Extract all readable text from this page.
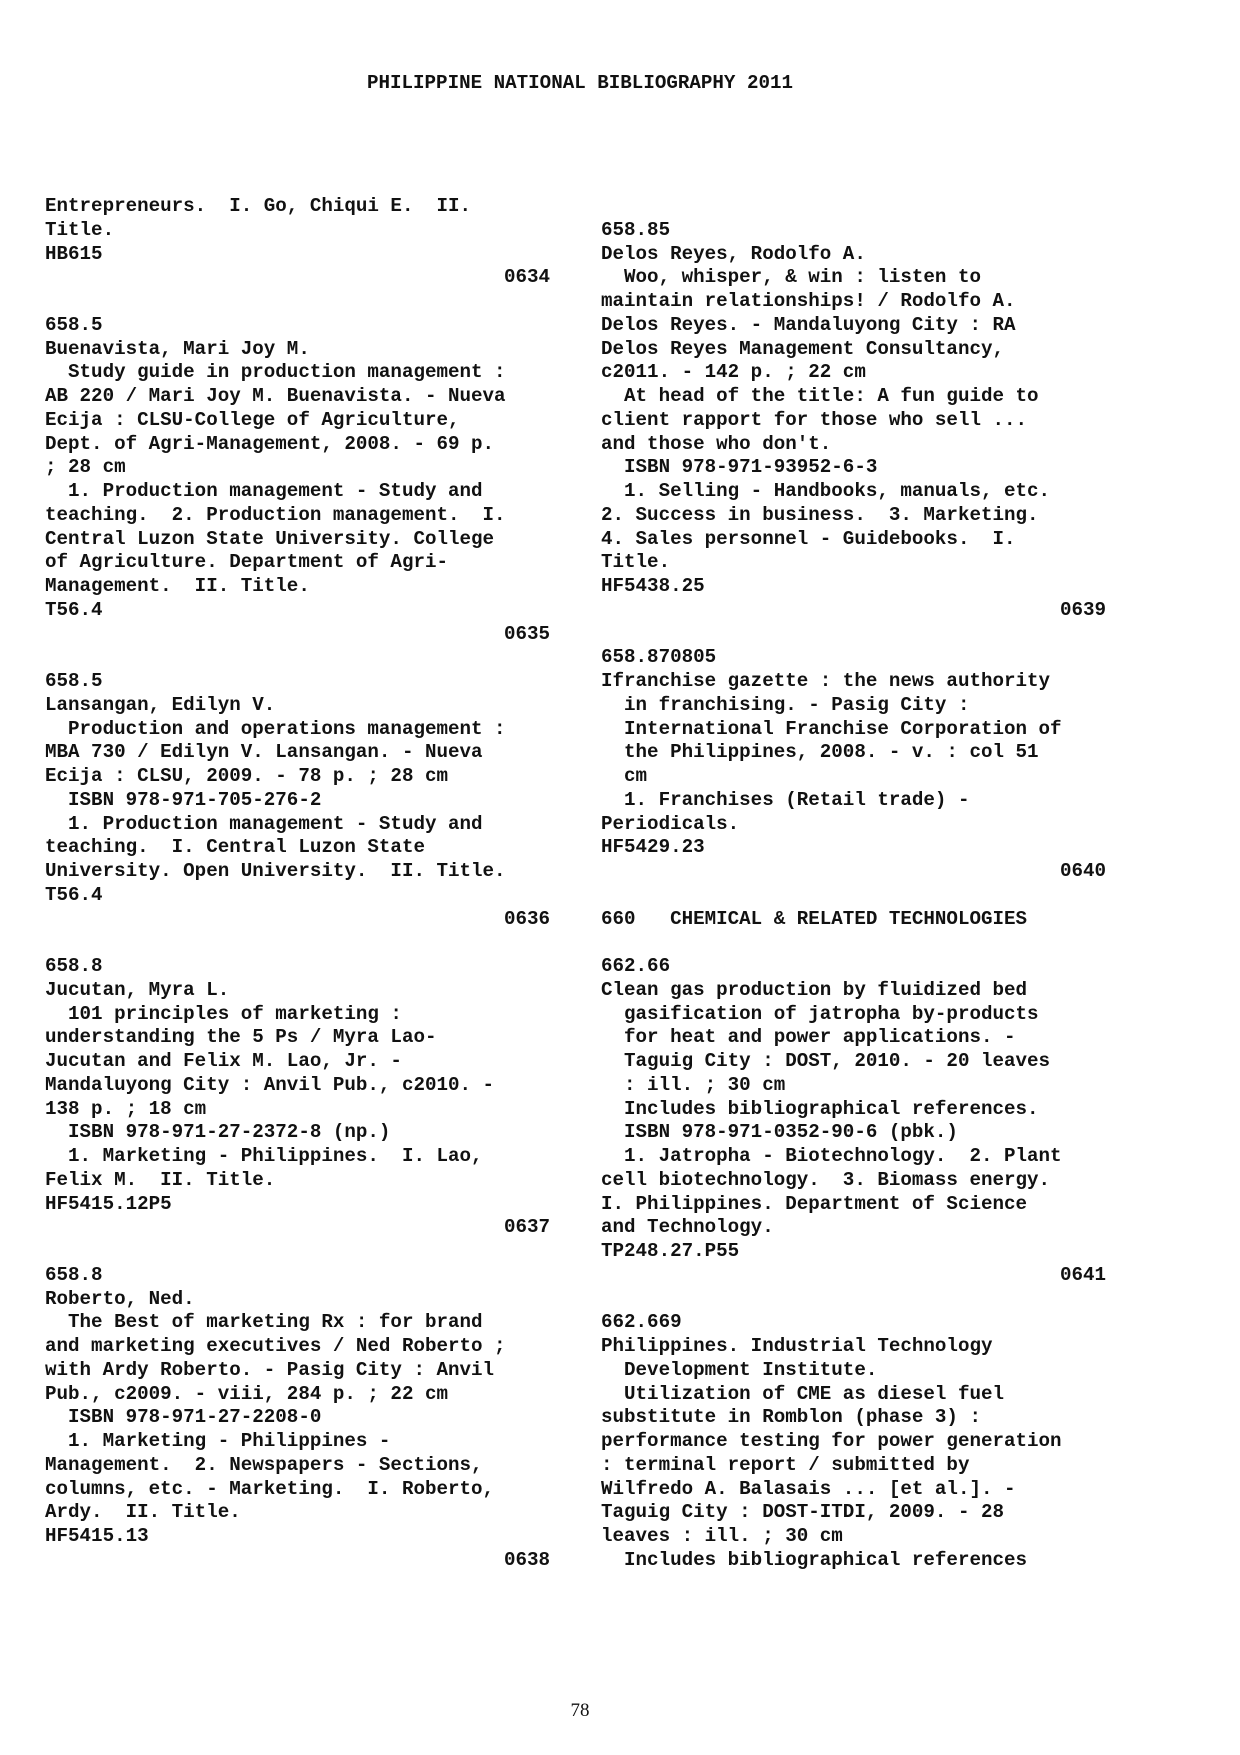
PHILIPPINE NATIONAL BIBLIOGRAPHY 2011
Entrepreneurs.  I. Go, Chiqui E.  II.
Title.
HB615
0634
658.5
Buenavista, Mari Joy M.
Study guide in production management :
AB 220 / Mari Joy M. Buenavista. - Nueva
Ecija : CLSU-College of Agriculture,
Dept. of Agri-Management, 2008. - 69 p.
; 28 cm
1. Production management - Study and
teaching.  2. Production management.  I.
Central Luzon State University. College
of Agriculture. Department of Agri-
Management.  II. Title.
T56.4
0635
658.5
Lansangan, Edilyn V.
Production and operations management :
MBA 730 / Edilyn V. Lansangan. - Nueva
Ecija : CLSU, 2009. - 78 p. ; 28 cm
ISBN 978-971-705-276-2
1. Production management - Study and
teaching.  I. Central Luzon State
University. Open University.  II. Title.
T56.4
0636
658.8
Jucutan, Myra L.
101 principles of marketing :
understanding the 5 Ps / Myra Lao-
Jucutan and Felix M. Lao, Jr. -
Mandaluyong City : Anvil Pub., c2010. -
138 p. ; 18 cm
ISBN 978-971-27-2372-8 (np.)
1. Marketing - Philippines.  I. Lao,
Felix M.  II. Title.
HF5415.12P5
0637
658.8
Roberto, Ned.
The Best of marketing Rx : for brand
and marketing executives / Ned Roberto ;
with Ardy Roberto. - Pasig City : Anvil
Pub., c2009. - viii, 284 p. ; 22 cm
ISBN 978-971-27-2208-0
1. Marketing - Philippines -
Management.  2. Newspapers - Sections,
columns, etc. - Marketing.  I. Roberto,
Ardy.  II. Title.
HF5415.13
0638
658.85
Delos Reyes, Rodolfo A.
Woo, whisper, & win : listen to
maintain relationships! / Rodolfo A.
Delos Reyes. - Mandaluyong City : RA
Delos Reyes Management Consultancy,
c2011. - 142 p. ; 22 cm
At head of the title: A fun guide to
client rapport for those who sell ...
and those who don't.
ISBN 978-971-93952-6-3
1. Selling - Handbooks, manuals, etc.
2. Success in business.  3. Marketing.
4. Sales personnel - Guidebooks.  I.
Title.
HF5438.25
0639
658.870805
Ifranchise gazette : the news authority
in franchising. - Pasig City :
International Franchise Corporation of
the Philippines, 2008. - v. : col 51
cm
1. Franchises (Retail trade) -
Periodicals.
HF5429.23
0640
660   CHEMICAL & RELATED TECHNOLOGIES
662.66
Clean gas production by fluidized bed
gasification of jatropha by-products
for heat and power applications. -
Taguig City : DOST, 2010. - 20 leaves
: ill. ; 30 cm
Includes bibliographical references.
ISBN 978-971-0352-90-6 (pbk.)
1. Jatropha - Biotechnology.  2. Plant
cell biotechnology.  3. Biomass energy.
I. Philippines. Department of Science
and Technology.
TP248.27.P55
0641
662.669
Philippines. Industrial Technology
Development Institute.
Utilization of CME as diesel fuel
substitute in Romblon (phase 3) :
performance testing for power generation
: terminal report / submitted by
Wilfredo A. Balasais ... [et al.]. -
Taguig City : DOST-ITDI, 2009. - 28
leaves : ill. ; 30 cm
Includes bibliographical references
78
